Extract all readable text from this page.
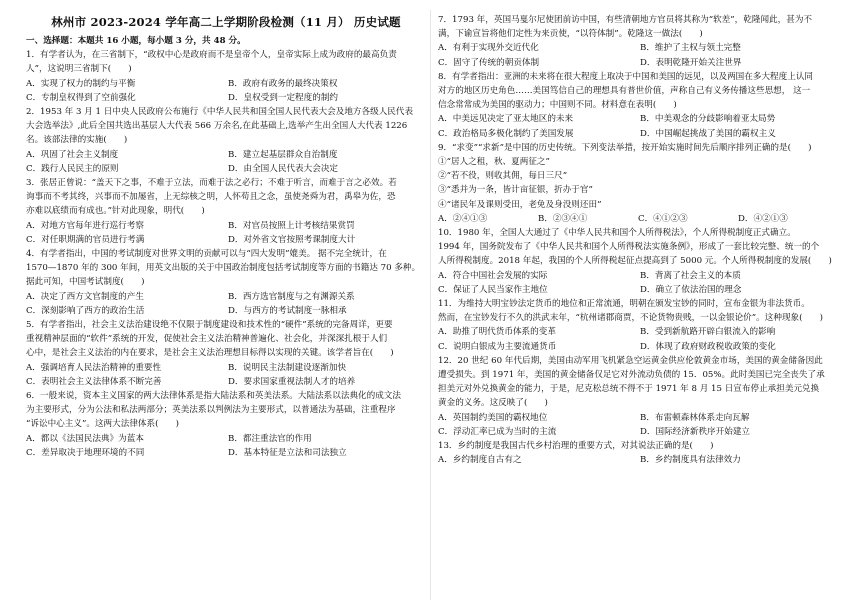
林州市 2023-2024 学年高二上学期阶段检测（11 月） 历史试题

一、选择题：本题共 16 小题，每小题 3 分，共 48 分。

1．有学者认为，在三省制下，“政权中心是政府而不是皇帝个人，皇帝实际上成为政府的最高负责

人”，这说明三省制下(　　)

A．实现了权力的制约与平衡	B．政府有政务的最终决策权
C．专制皇权得到了空前强化	D．皇权受到一定程度的制约

2．1953 年 3 月 1 日中央人民政府公布施行《中华人民共和国全国人民代表大会及地方各级人民代表

大会选举法》,此后全国共选出基层人大代表 566 万余名,在此基础上,选举产生出全国人大代表 1226

名。该部法律的实施(　　)

A．巩固了社会主义制度	B．建立起基层群众自治制度
C．践行人民民主的原则	D．由全国人民代表大会决定

3．张居正曾说：“盖天下之事，不难于立法，而难于法之必行；不难于听言，而难于言之必效。若

询事而不考其终，兴事而不加屡省，上无综核之明，人怀苟且之念，虽使尧舜为君，禹皋为佐，恐

亦难以底绩而有成也。”针对此现象，明代(　　)

A．对地方官每年进行巡行考察	B．对官员按照上计考核结果赏罚
C．对任职期满的官员进行考满	D．对外省文官按照考课制度大计

4．有学者指出，中国的考试制度对世界文明的贡献可以与“四大发明”媲美。 据不完全统计，在

1570—1870 年的 300 年间，用英文出版的关于中国政治制度包括考试制度等方面的书籍达 70 多种。

据此可知，中国考试制度(　　)

A．决定了西方文官制度的产生	B．西方选官制度与之有渊源关系
C．深刻影响了西方的政治生活	D．与西方的考试制度一脉相承

5．有学者指出，社会主义法治建设绝不仅限于制度建设和技术性的“硬件”系统的完备周详，更要

重视精神层面的“软件”系统的开发，促使社会主义法治精神普遍化、社会化，并深深扎根于人们

心中，是社会主义法治的内在要求，是社会主义法治理想目标得以实现的关键。该学者旨在(　　)

A．强调培育人民法治精神的重要性	B．说明民主法制建设逐渐加快
C．表明社会主义法律体系不断完善	D．要求国家重视法制人才的培养

6．一般来说，资本主义国家的两大法律体系是指大陆法系和英美法系。大陆法系以法典化的成文法

为主要形式，分为公法和私法两部分；英美法系以判例法为主要形式，以普通法为基础，注重程序

“诉讼中心主义”。这两大法律体系(　　)

A．都以《法国民法典》为蓝本	B．都注重法官的作用
C．差异取决于地理环境的不同	D．基本特征是立法和司法独立

7．1793 年，英国马戛尔尼使团前访中国，有些清朝地方官员将其称为“软差”，乾隆闻此，甚为不

满，下谕宣旨将他们定性为来贡使，“以符体制”。乾隆这一做法(　　)

A．有利于实现外交近代化	B．维护了主权与领土完整
C．固守了传统的朝贡体制	D．表明乾隆开始关注世界

8．有学者指出：亚洲的未来将在很大程度上取决于中国和美国的远见，以及两国在多大程度上认同

对方的地区历史角色……美国笃信自己的理想具有普世价值，声称自己有义务传播这些思想， 这一

信念常常成为美国的驱动力；中国则不同。材料意在表明(　　)

A．中美远见决定了亚太地区的未来	B．中美观念的分歧影响着亚太局势
C．政治格局多极化制约了美国发展	D．中国崛起挑战了美国的霸权主义

9．“求变”“求新”是中国的历史传统。下列变法举措，按开始实施时间先后顺序排列正确的是(　　)

①“居人之租，秋、夏两征之”

②“若不役，则收其佣，每日三尺”

③“悉并为一条，皆计亩征银，折办于官”

④“诸民年及课则受田，老免及身没则还田”

A．②④①③	B．②③④①	C．④①②③	D．④②①③

10．1980 年，全国人大通过了《中华人民共和国个人所得税法》，个人所得税制度正式确立。

1994 年，国务院发布了《中华人民共和国个人所得税法实施条例》，形成了一套比较完整、统一的个

人所得税制度。2018 年起，我国的个人所得税起征点提高到了 5000 元。个人所得税制度的发展(　　)

A．符合中国社会发展的实际	B．背离了社会主义的本质
C．保证了人民当家作主地位	D．确立了依法治国的理念

11．为维持大明宝钞法定货币的地位和正常流通，明朝在颁发宝钞的同时，宣布金银为非法货币。

然而，在宝钞发行不久的洪武末年，“杭州诸郡商贾，不论货物贵贱，一以金银论价”。这种现象(　　)

A．助推了明代货币体系的变革	B．受到新航路开辟白银流入的影响
C．说明白银成为主要流通货币	D．体现了政府财政税收政策的变化

12．20 世纪 60 年代后期，美国由动军用飞机紧急空运黄金供应伦敦黄金市场，美国的黄金储备因此

遭受损失。到 1971 年，美国的黄金储备仅足它对外流动负债的 15．05%。此时美国已完全丧失了承

担美元对外兑换黄金的能力，于是，尼克松总统不得不于 1971 年 8 月 15 日宣布停止承担美元兑换

黄金的义务。这反映了(　　)

A．英国制约美国的霸权地位	B．布雷顿森林体系走向瓦解
C．浮动汇率已成为当时的主流	D．国际经济新秩序开始建立

13．乡约制度是我国古代乡村治理的重要方式，对其说法正确的是(　　)

A．乡约制度自古有之	B．乡约制度具有法律效力
